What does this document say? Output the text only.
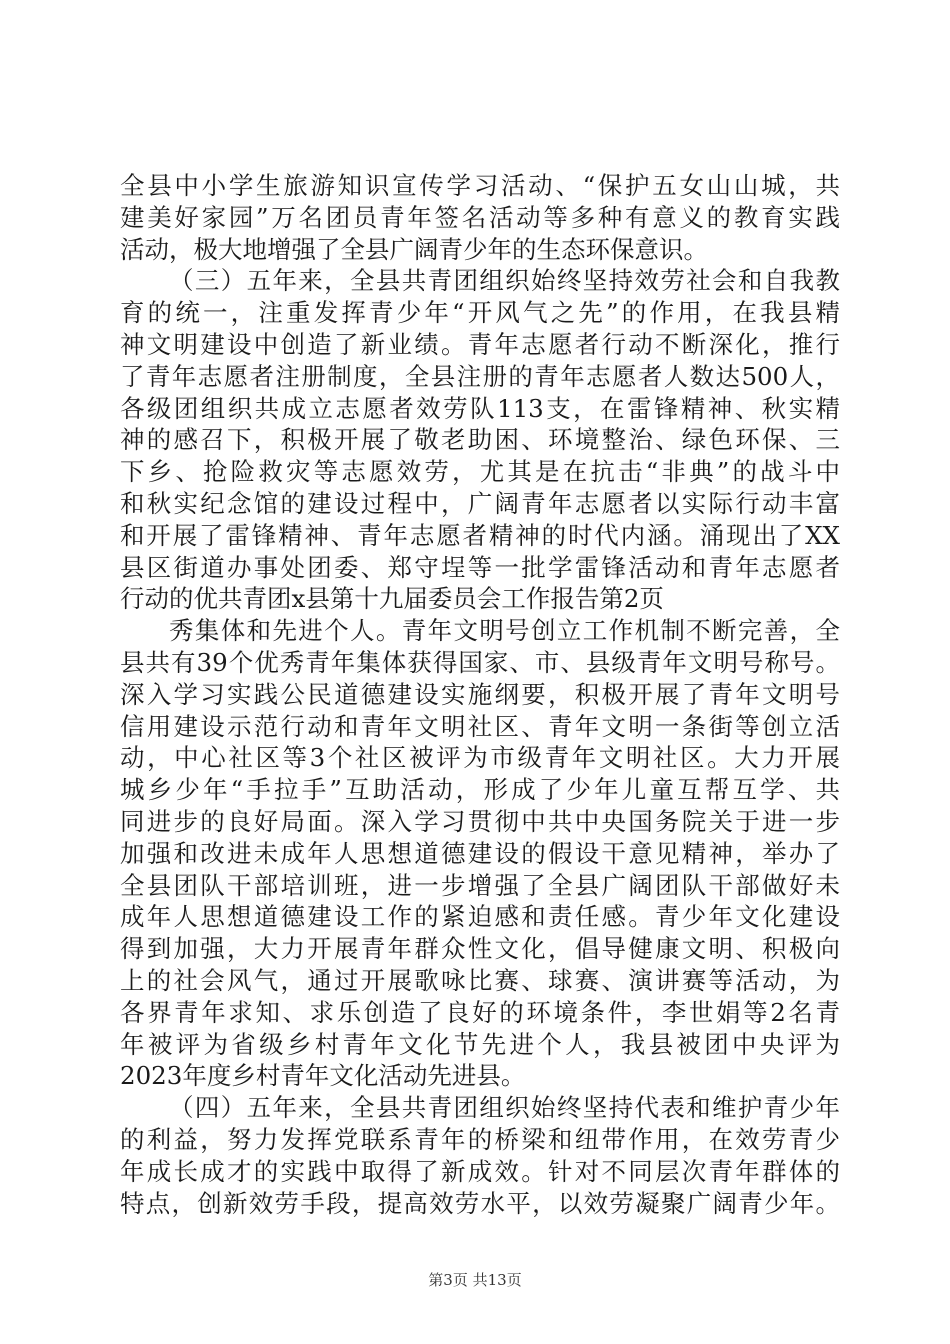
全县中小学生旅游知识宣传学习活动、“保护五女山山城，共
建美好家园”万名团员青年签名活动等多种有意义的教育实践
活动，极大地增强了全县广阔青少年的生态环保意识。
（三）五年来，全县共青团组织始终坚持效劳社会和自我教
育的统一，注重发挥青少年“开风气之先”的作用，在我县精
神文明建设中创造了新业绩。青年志愿者行动不断深化，推行
了青年志愿者注册制度，全县注册的青年志愿者人数达500人，
各级团组织共成立志愿者效劳队113支，在雷锋精神、秋实精
神的感召下，积极开展了敬老助困、环境整治、绿色环保、三
下乡、抢险救灾等志愿效劳，尤其是在抗击“非典”的战斗中
和秋实纪念馆的建设过程中，广阔青年志愿者以实际行动丰富
和开展了雷锋精神、青年志愿者精神的时代内涵。涌现出了XX
县区街道办事处团委、郑守埕等一批学雷锋活动和青年志愿者
行动的优共青团x县第十九届委员会工作报告第2页
秀集体和先进个人。青年文明号创立工作机制不断完善，全
县共有39个优秀青年集体获得国家、市、县级青年文明号称号。
深入学习实践公民道德建设实施纲要，积极开展了青年文明号
信用建设示范行动和青年文明社区、青年文明一条街等创立活
动，中心社区等3个社区被评为市级青年文明社区。大力开展
城乡少年“手拉手”互助活动，形成了少年儿童互帮互学、共
同进步的良好局面。深入学习贯彻中共中央国务院关于进一步
加强和改进未成年人思想道德建设的假设干意见精神，举办了
全县团队干部培训班，进一步增强了全县广阔团队干部做好未
成年人思想道德建设工作的紧迫感和责任感。青少年文化建设
得到加强，大力开展青年群众性文化，倡导健康文明、积极向
上的社会风气，通过开展歌咏比赛、球赛、演讲赛等活动，为
各界青年求知、求乐创造了良好的环境条件，李世娟等2名青
年被评为省级乡村青年文化节先进个人，我县被团中央评为
2023年度乡村青年文化活动先进县。
（四）五年来，全县共青团组织始终坚持代表和维护青少年
的利益，努力发挥党联系青年的桥梁和纽带作用，在效劳青少
年成长成才的实践中取得了新成效。针对不同层次青年群体的
特点，创新效劳手段，提高效劳水平，以效劳凝聚广阔青少年。
第3页 共13页
